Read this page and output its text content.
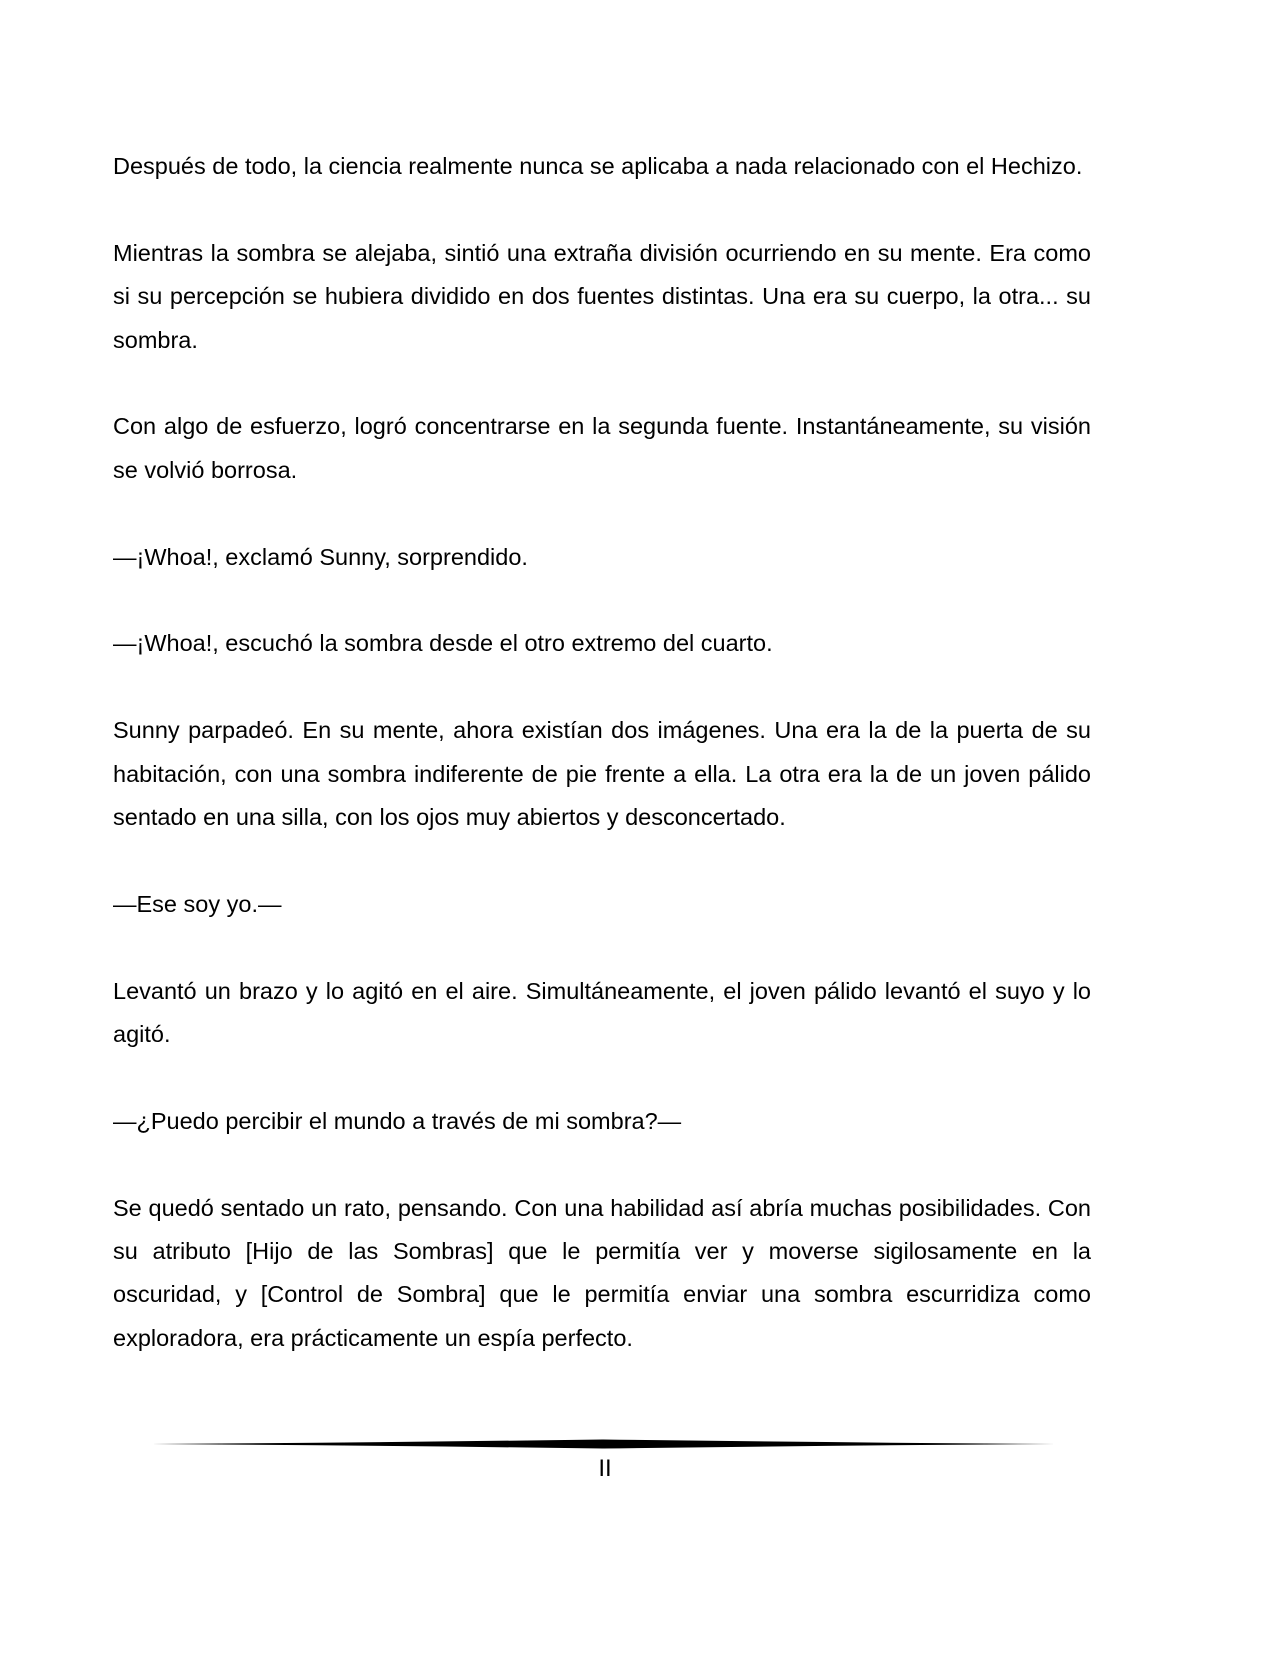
Después de todo, la ciencia realmente nunca se aplicaba a nada relacionado con el Hechizo.

Mientras la sombra se alejaba, sintió una extraña división ocurriendo en su mente. Era como si su percepción se hubiera dividido en dos fuentes distintas. Una era su cuerpo, la otra... su sombra.

Con algo de esfuerzo, logró concentrarse en la segunda fuente. Instantáneamente, su visión se volvió borrosa.

—¡Whoa!, exclamó Sunny, sorprendido.

—¡Whoa!, escuchó la sombra desde el otro extremo del cuarto.

Sunny parpadeó. En su mente, ahora existían dos imágenes. Una era la de la puerta de su habitación, con una sombra indiferente de pie frente a ella. La otra era la de un joven pálido sentado en una silla, con los ojos muy abiertos y desconcertado.

—Ese soy yo.—

Levantó un brazo y lo agitó en el aire. Simultáneamente, el joven pálido levantó el suyo y lo agitó.

—¿Puedo percibir el mundo a través de mi sombra?—

Se quedó sentado un rato, pensando. Con una habilidad así abría muchas posibilidades. Con su atributo [Hijo de las Sombras] que le permitía ver y moverse sigilosamente en la oscuridad, y [Control de Sombra] que le permitía enviar una sombra escurridiza como exploradora, era prácticamente un espía perfecto.

II
